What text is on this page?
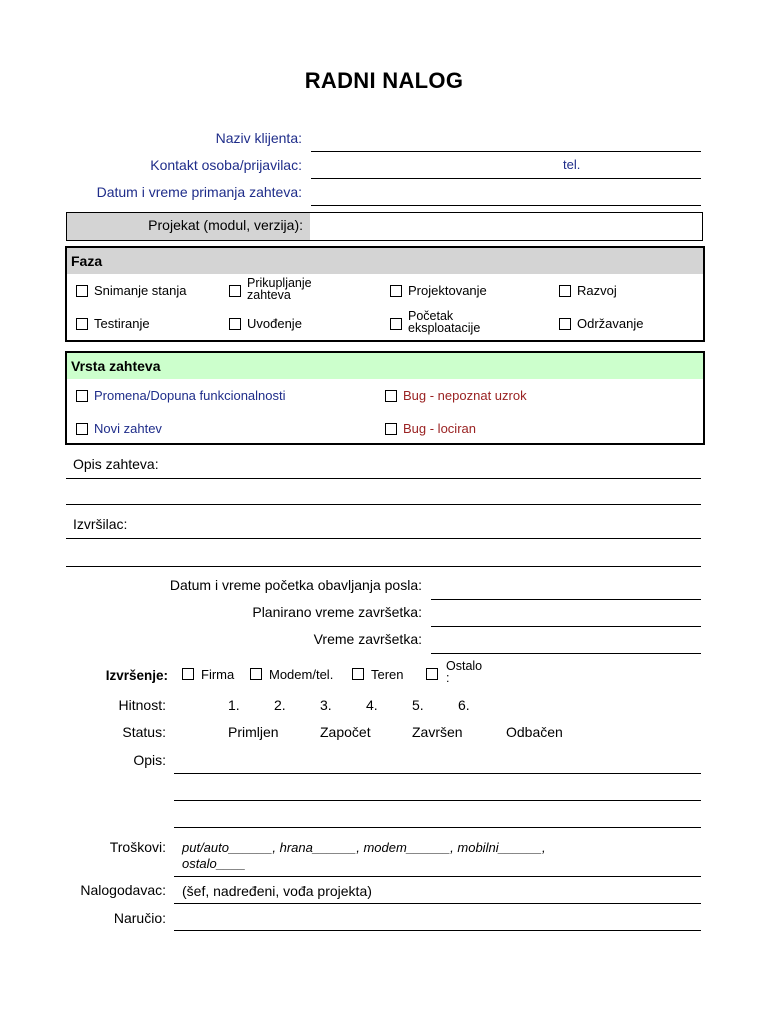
RADNI NALOG
Naziv klijenta:
Kontakt osoba/prijavilac:	tel.
Datum i vreme primanja zahteva:
Projekat (modul, verzija):
Faza
Snimanje stanja	Prikupljanje zahteva	Projektovanje	Razvoj
Testiranje	Uvođenje	Početak eksploatacije	Održavanje
Vrsta zahteva
Promena/Dopuna funkcionalnosti	Bug - nepoznat uzrok
Novi zahtev	Bug - lociran
Opis zahteva:
Izvršilac:
Datum i vreme početka obavljanja posla:
Planirano vreme završetka:
Vreme završetka:
Izvršenje:	Firma	Modem/tel.	Teren
Ostalo :
Hitnost:	1. 2. 3. 4. 5. 6.
Status:	Primljen	Započet	Završen	Odbačen
Opis:
Troškovi: put/auto______, hrana______, modem______, mobilni______,
ostalo____
Nalogodavac: (šef, nadređeni, vođa projekta)
Naručio:
